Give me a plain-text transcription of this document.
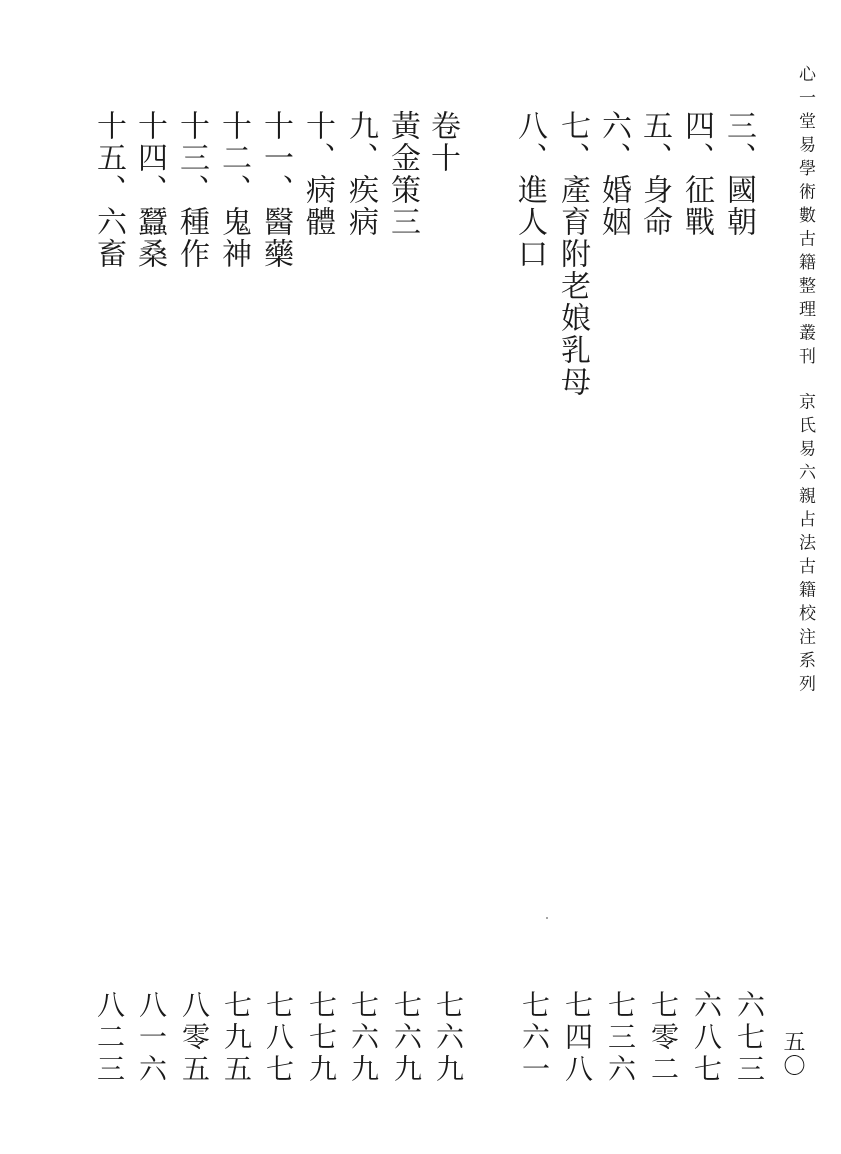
心一堂易學術數古籍整理叢刊京氏易六親占法古籍校注系列
三、國朝
四、征戰
五、身命
六、婚姻
七、產育附老娘乳母
八、進人口
卷十
黃金策三
九、疾病
十、病體
十一、醫藥
十二、鬼神
十三、種作
十四、蠶桑
十五、六畜
六七三
六八七
七零二
七三六
七四八
七六一
七六九
七六九
七六九
七七九
七八七
七九五
八零五
八一六
八二三	五〇
